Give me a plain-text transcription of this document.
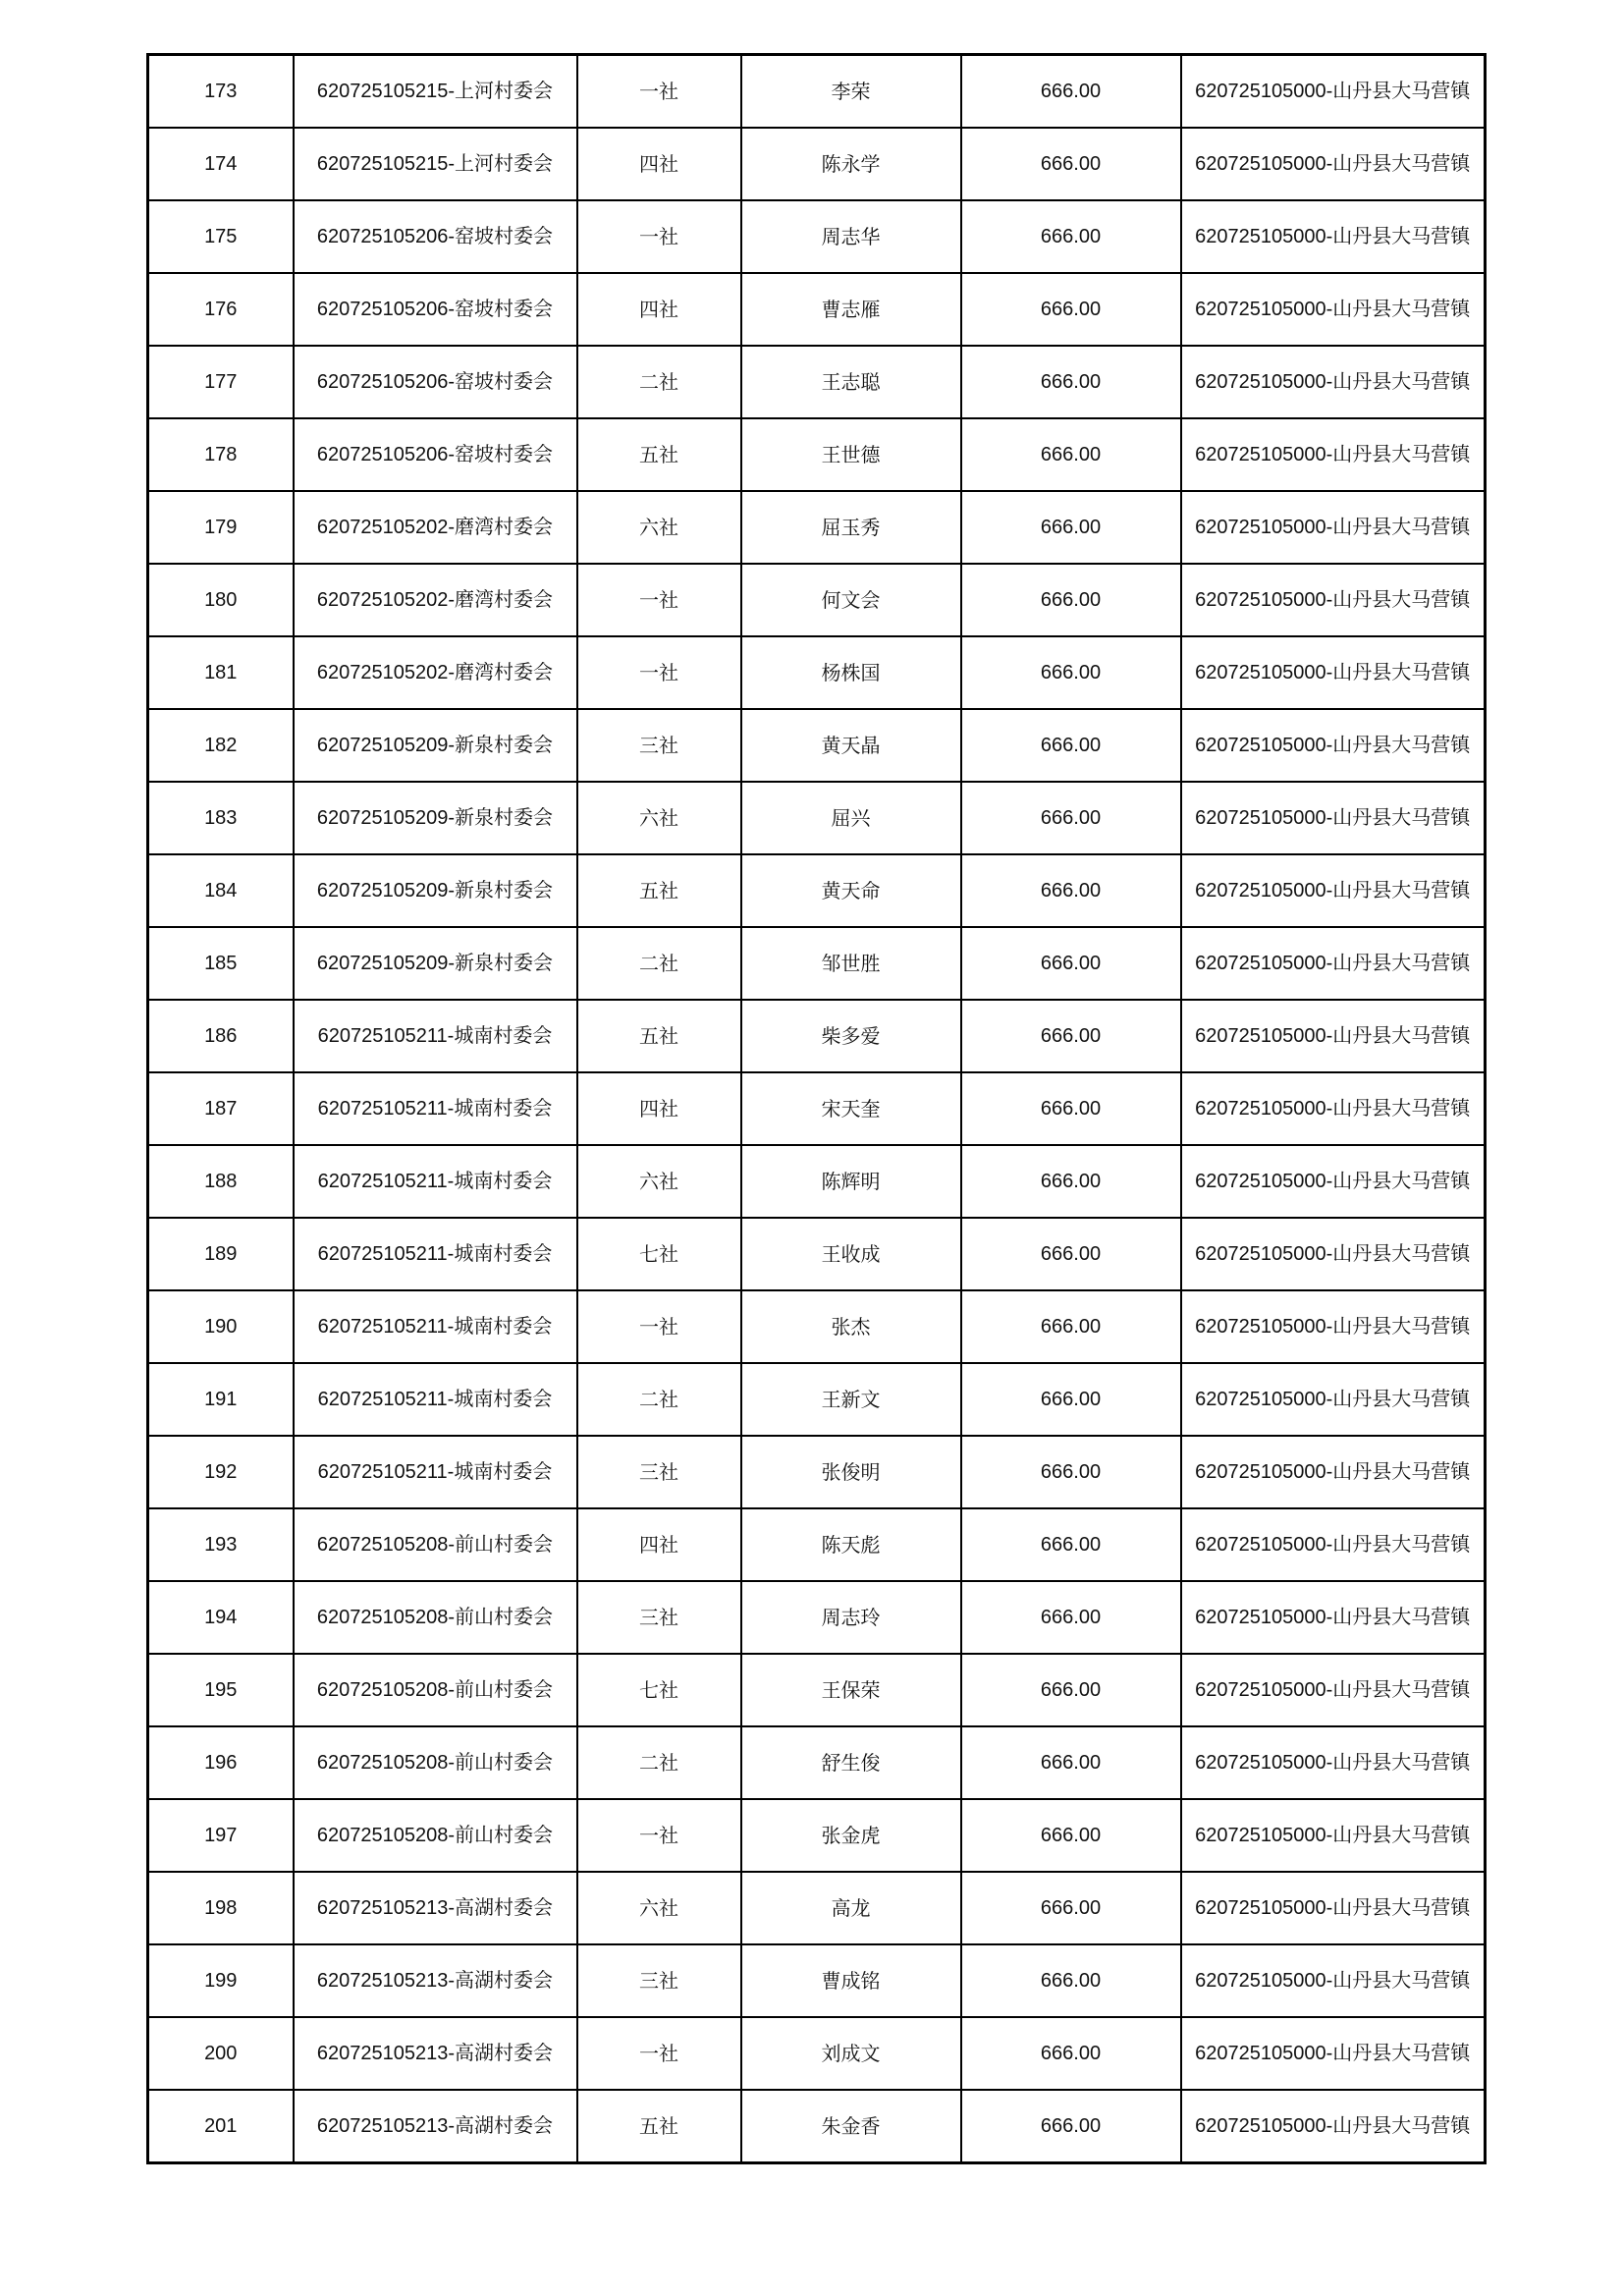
173	620725105215-上河村委会	一社	李荣	666.00	620725105000-山丹县大马营镇
174	620725105215-上河村委会	四社	陈永学	666.00	620725105000-山丹县大马营镇
175	620725105206-窑坡村委会	一社	周志华	666.00	620725105000-山丹县大马营镇
176	620725105206-窑坡村委会	四社	曹志雁	666.00	620725105000-山丹县大马营镇
177	620725105206-窑坡村委会	二社	王志聪	666.00	620725105000-山丹县大马营镇
178	620725105206-窑坡村委会	五社	王世德	666.00	620725105000-山丹县大马营镇
179	620725105202-磨湾村委会	六社	屈玉秀	666.00	620725105000-山丹县大马营镇
180	620725105202-磨湾村委会	一社	何文会	666.00	620725105000-山丹县大马营镇
181	620725105202-磨湾村委会	一社	杨株国	666.00	620725105000-山丹县大马营镇
182	620725105209-新泉村委会	三社	黄天晶	666.00	620725105000-山丹县大马营镇
183	620725105209-新泉村委会	六社	屈兴	666.00	620725105000-山丹县大马营镇
184	620725105209-新泉村委会	五社	黄天命	666.00	620725105000-山丹县大马营镇
185	620725105209-新泉村委会	二社	邹世胜	666.00	620725105000-山丹县大马营镇
186	620725105211-城南村委会	五社	柴多爱	666.00	620725105000-山丹县大马营镇
187	620725105211-城南村委会	四社	宋天奎	666.00	620725105000-山丹县大马营镇
188	620725105211-城南村委会	六社	陈辉明	666.00	620725105000-山丹县大马营镇
189	620725105211-城南村委会	七社	王收成	666.00	620725105000-山丹县大马营镇
190	620725105211-城南村委会	一社	张杰	666.00	620725105000-山丹县大马营镇
191	620725105211-城南村委会	二社	王新文	666.00	620725105000-山丹县大马营镇
192	620725105211-城南村委会	三社	张俊明	666.00	620725105000-山丹县大马营镇
193	620725105208-前山村委会	四社	陈天彪	666.00	620725105000-山丹县大马营镇
194	620725105208-前山村委会	三社	周志玲	666.00	620725105000-山丹县大马营镇
195	620725105208-前山村委会	七社	王保荣	666.00	620725105000-山丹县大马营镇
196	620725105208-前山村委会	二社	舒生俊	666.00	620725105000-山丹县大马营镇
197	620725105208-前山村委会	一社	张金虎	666.00	620725105000-山丹县大马营镇
198	620725105213-高湖村委会	六社	高龙	666.00	620725105000-山丹县大马营镇
199	620725105213-高湖村委会	三社	曹成铭	666.00	620725105000-山丹县大马营镇
200	620725105213-高湖村委会	一社	刘成文	666.00	620725105000-山丹县大马营镇
201	620725105213-高湖村委会	五社	朱金香	666.00	620725105000-山丹县大马营镇
